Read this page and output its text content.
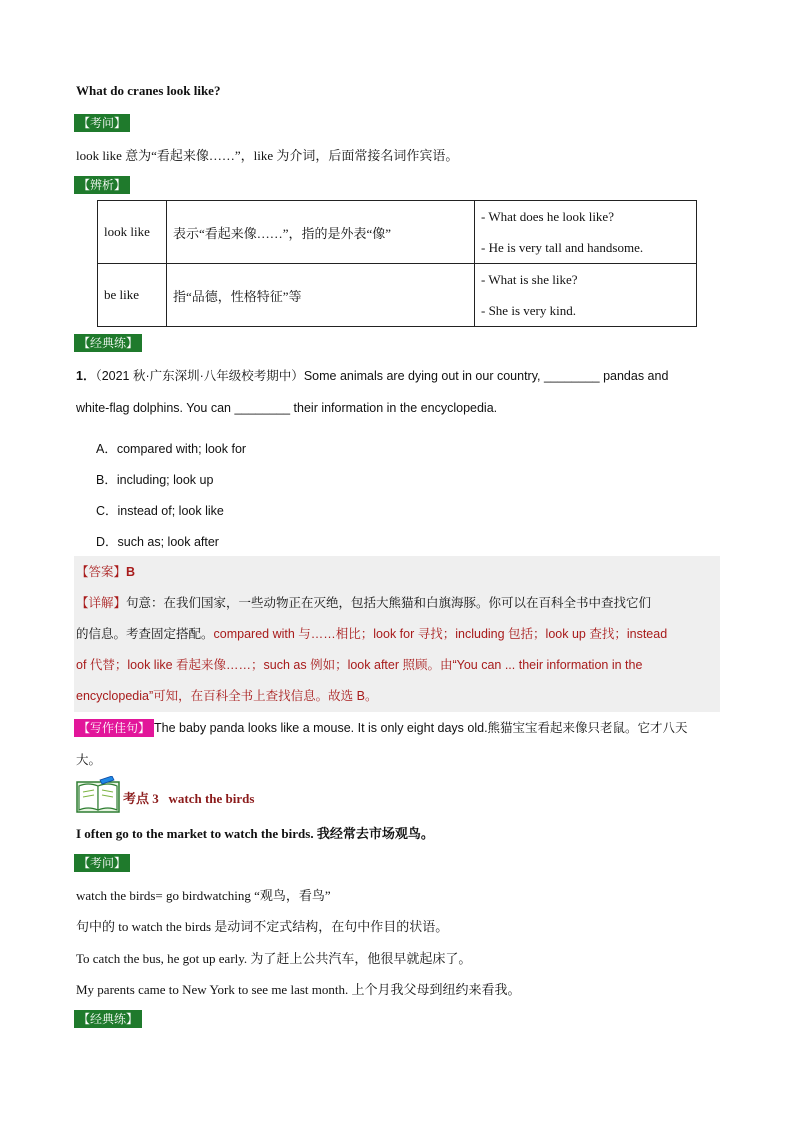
What do cranes look like?
【考问】
look like 意为“看起来像……”，like 为介词，后面常接名词作宾语。
【辨析】
look like	表示“看起来像……”，指的是外表“像”	- What does he look like?
- He is very tall and handsome.

be like	指“品德，性格特征”等	- What is she like?
- She is very kind.
【经典练】
1．（2021 秋·广东深圳·八年级校考期中）Some animals are dying out in our country, ________ pandas and
white-flag dolphins. You can ________ their information in the encyclopedia.
A．compared with; look for
B．including; look up
C．instead of; look like
D．such as; look after
【答案】B
【详解】句意：在我们国家，一些动物正在灭绝，包括大熊猫和白旗海豚。你可以在百科全书中查找它们
的信息。考查固定搭配。compared with 与……相比；look for 寻找；including 包括；look up 查找；instead
of 代替；look like 看起来像……；such as 例如；look after 照顾。由“You can ... their information in the
encyclopedia”可知，在百科全书上查找信息。故选 B。
【写作佳句】 The baby panda looks like a mouse. It is only eight days old.熊猫宝宝看起来像只老鼠。它才八天
大。
考点 3 watch the birds
I often go to the market to watch the birds. 我经常去市场观鸟。
【考问】
watch the birds= go birdwatching “观鸟，看鸟”
句中的 to watch the birds 是动词不定式结构，在句中作目的状语。
To catch the bus, he got up early. 为了赶上公共汽车，他很早就起床了。
My parents came to New York to see me last month. 上个月我父母到纽约来看我。
【经典练】
